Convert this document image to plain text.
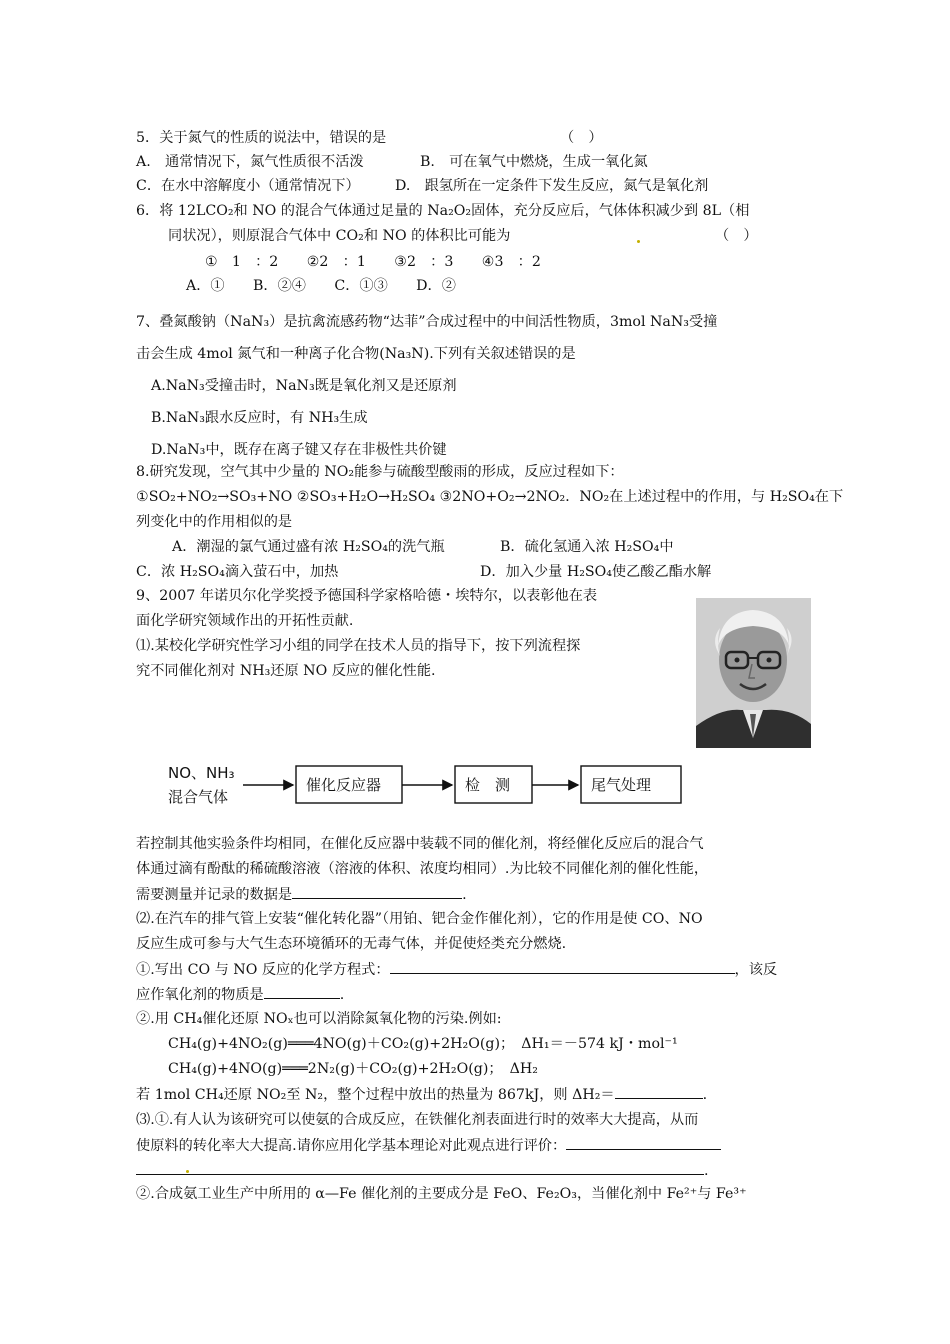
5．关于氮气的性质的说法中，错误的是	（　）
A.　通常情况下，氮气性质很不活泼	B.　可在氧气中燃烧，生成一氧化氮
C．在水中溶解度小（通常情况下） D.　跟氢所在一定条件下发生反应，氮气是氧化剂
6．将 12LCO₂和 NO 的混合气体通过足量的 Na₂O₂固体，充分反应后，气体体积减少到 8L（相
同状况），则原混合气体中 CO₂和 NO 的体积比可能为	（　）
①　1　：2　　②2　：1　　③2　：3　　④3　：2
A．①　　B．②④　　C．①③　　D．②
7、叠氮酸钠（NaN₃）是抗禽流感药物“达菲”合成过程中的中间活性物质，3mol NaN₃受撞
击会生成 4mol 氮气和一种离子化合物(Na₃N).下列有关叙述错误的是
A.NaN₃受撞击时，NaN₃既是氧化剂又是还原剂
B.NaN₃跟水反应时，有 NH₃生成
D.NaN₃中，既存在离子键又存在非极性共价键
8.研究发现，空气其中少量的 NO₂能参与硫酸型酸雨的形成，反应过程如下：
①SO₂+NO₂→SO₃+NO ②SO₃+H₂O→H₂SO₄ ③2NO+O₂→2NO₂．NO₂在上述过程中的作用，与 H₂SO₄在下
列变化中的作用相似的是
A．潮湿的氯气通过盛有浓 H₂SO₄的洗气瓶	B．硫化氢通入浓 H₂SO₄中
C．浓 H₂SO₄滴入萤石中，加热	D．加入少量 H₂SO₄使乙酸乙酯水解
9、2007 年诺贝尔化学奖授予德国科学家格哈德・埃特尔，以表彰他在表
面化学研究领域作出的开拓性贡献.
⑴.某校化学研究性学习小组的同学在技术人员的指导下，按下列流程探
究不同催化剂对 NH₃还原 NO 反应的催化性能.
NO、NH₃
混合气体
催化反应器	检　测	尾气处理
若控制其他实验条件均相同，在催化反应器中装载不同的催化剂，将经催化反应后的混合气
体通过滴有酚酞的稀硫酸溶液（溶液的体积、浓度均相同）.为比较不同催化剂的催化性能，
需要测量并记录的数据是	.
⑵.在汽车的排气管上安装“催化转化器”（用铂、钯合金作催化剂），它的作用是使 CO、NO
反应生成可参与大气生态环境循环的无毒气体，并促使烃类充分燃烧.
①.写出 CO 与 NO 反应的化学方程式：	，该反
应作氧化剂的物质是	.
②.用 CH₄催化还原 NOₓ也可以消除氮氧化物的污染.例如:
CH₄(g)+4NO₂(g)═══4NO(g)＋CO₂(g)+2H₂O(g)；　ΔH₁＝－574 kJ・mol⁻¹
CH₄(g)+4NO(g)═══2N₂(g)＋CO₂(g)+2H₂O(g)；　ΔH₂
若 1mol CH₄还原 NO₂至 N₂，整个过程中放出的热量为 867kJ，则 ΔH₂＝	.
⑶.①.有人认为该研究可以使氨的合成反应，在铁催化剂表面进行时的效率大大提高，从而
使原料的转化率大大提高.请你应用化学基本理论对此观点进行评价：
.
②.合成氨工业生产中所用的 α—Fe 催化剂的主要成分是 FeO、Fe₂O₃，当催化剂中 Fe²⁺与 Fe³⁺
